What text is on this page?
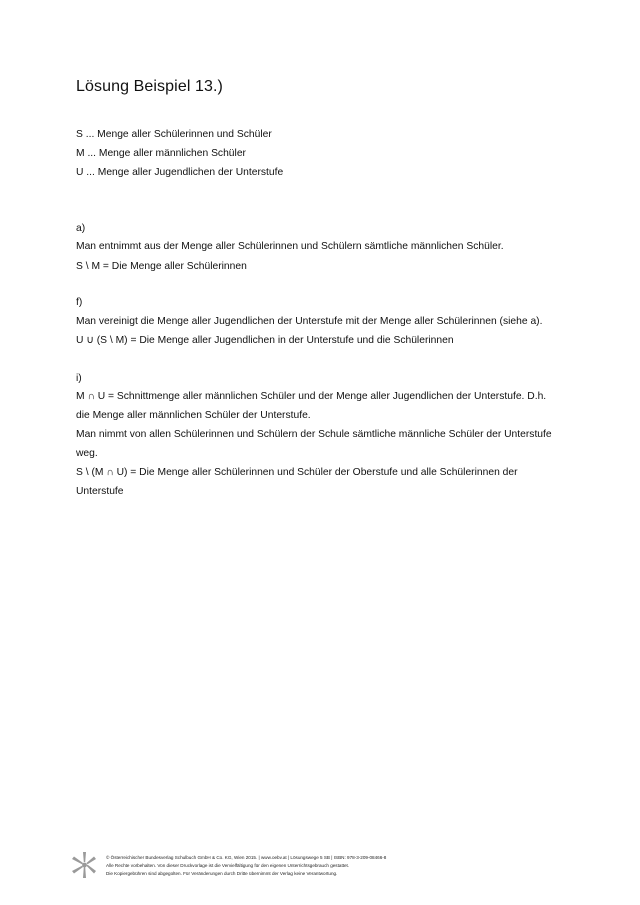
Lösung Beispiel 13.)
S ... Menge aller Schülerinnen und Schüler
M ... Menge aller männlichen Schüler
U ... Menge aller Jugendlichen der Unterstufe
a)
Man entnimmt aus der Menge aller Schülerinnen und Schülern sämtliche männlichen Schüler.
S \ M = Die Menge aller Schülerinnen
f)
Man vereinigt die Menge aller Jugendlichen der Unterstufe mit der Menge aller Schülerinnen (siehe a).
U ∪ (S \ M) = Die Menge aller Jugendlichen in der Unterstufe und die Schülerinnen
i)
M ∩ U = Schnittmenge aller männlichen Schüler und der Menge aller Jugendlichen der Unterstufe. D.h.
die Menge aller männlichen Schüler der Unterstufe.
Man nimmt von allen Schülerinnen und Schülern der Schule sämtliche männliche Schüler der Unterstufe
weg.
S \ (M ∩ U) = Die Menge aller Schülerinnen und Schüler der Oberstufe und alle Schülerinnen der
Unterstufe
© Österreichischer Bundesverlag Schulbuch GmbH & Co. KG, Wien 2015. | www.oebv.at | Lösungswege 5 SB | ISBN: 978-3-209-08466-8
Alle Rechte vorbehalten. Von dieser Druckvorlage ist die Vervielfältigung für den eigenen Unterrichtsgebrauch gestattet.
Die Kopiergebühren sind abgegolten. Für Veränderungen durch Dritte übernimmt der Verlag keine Verantwortung.
